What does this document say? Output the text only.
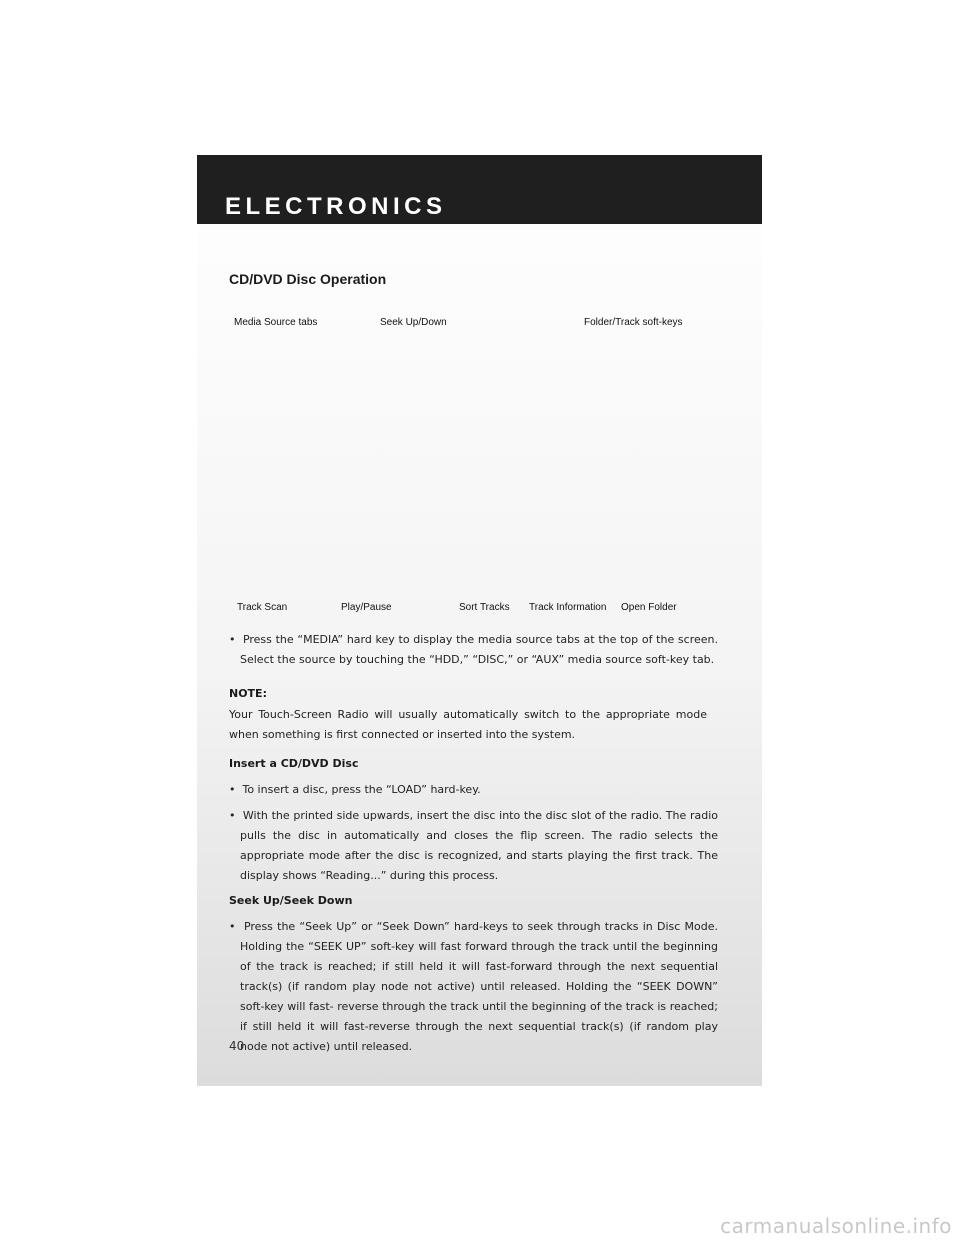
ELECTRONICS
CD/DVD Disc Operation
Media Source tabs	Seek Up/Down	Folder/Track soft-keys
Track Scan	Play/Pause	Sort Tracks Track Information Open Folder
•  Press the “MEDIA” hard key to display the media source tabs at the top of the screen. Select the source by touching the “HDD,” “DISC,” or “AUX” media source soft-key tab.
NOTE:
Your Touch-Screen Radio will usually automatically switch to the appropriate mode when something is first connected or inserted into the system.
Insert a CD/DVD Disc
•  To insert a disc, press the “LOAD” hard-key.
•  With the printed side upwards, insert the disc into the disc slot of the radio. The radio pulls the disc in automatically and closes the flip screen. The radio selects the appropriate mode after the disc is recognized, and starts playing the first track. The display shows “Reading...” during this process.
Seek Up/Seek Down
•  Press the “Seek Up” or “Seek Down” hard-keys to seek through tracks in Disc Mode. Holding the “SEEK UP” soft-key will fast forward through the track until the beginning of the track is reached; if still held it will fast-forward through the next sequential track(s) (if random play node not active) until released. Holding the “SEEK DOWN” soft-key will fast- reverse through the track until the beginning of the track is reached; if still held it will fast-reverse through the next sequential track(s) (if random play node not active) until released.
40
carmanualsonline.info
